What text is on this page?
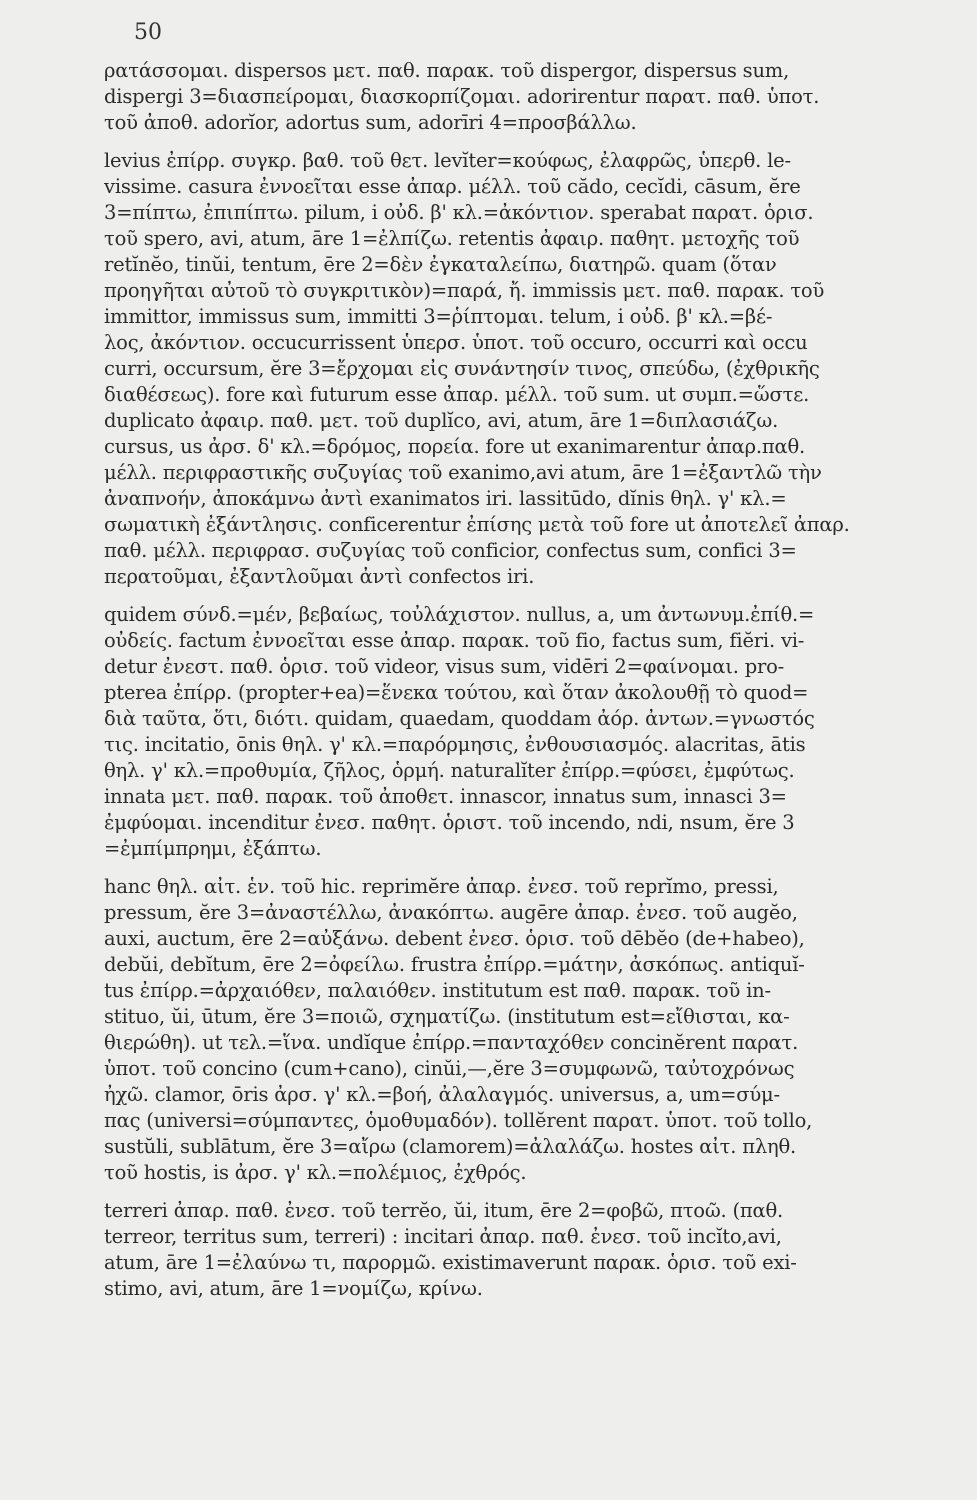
50
ρατάσσομαι. dispersos μετ. παθ. παρακ. τοῦ dispergor, dispersus sum,
dispergi 3=διασπείρομαι, διασκορπίζομαι. adorirentur παρατ. παθ. ὑποτ.
τοῦ ἀποθ. adorĭor, adortus sum, adorīri 4=προσβάλλω.
levius ἐπίρρ. συγκρ. βαθ. τοῦ θετ. levĭter=κούφως, ἐλαφρῶς, ὑπερθ. le-
vissime. casura ἐννοεῖται esse ἀπαρ. μέλλ. τοῦ cădo, cecĭdi, cāsum, ĕre
3=πίπτω, ἐπιπίπτω. pilum, i οὐδ. β' κλ.=ἀκόντιον. sperabat παρατ. ὁρισ.
τοῦ spero, avi, atum, āre 1=ἐλπίζω. retentis ἀφαιρ. παθητ. μετοχῆς τοῦ
retĭnĕo, tinŭi, tentum, ēre 2=δὲν ἐγκαταλείπω, διατηρῶ. quam (ὅταν
προηγῆται αὐτοῦ τὸ συγκριτικὸν)=παρά, ἤ. immissis μετ. παθ. παρακ. τοῦ
immittor, immissus sum, immitti 3=ῥίπτομαι. telum, i οὐδ. β' κλ.=βέ-
λος, ἀκόντιον. occucurrissent ὑπερσ. ὑποτ. τοῦ occuro, occurri καὶ occu
curri, occursum, ĕre 3=ἔρχομαι εἰς συνάντησίν τινος, σπεύδω, (ἐχθρικῆς
διαθέσεως). fore καὶ futurum esse ἀπαρ. μέλλ. τοῦ sum. ut συμπ.=ὥστε.
duplicato ἀφαιρ. παθ. μετ. τοῦ duplĭco, avi, atum, āre 1=διπλασιάζω.
cursus, us ἀρσ. δ' κλ.=δρόμος, πορεία. fore ut exanimarentur ἀπαρ.παθ.
μέλλ. περιφραστικῆς συζυγίας τοῦ exanimo,avi atum, āre 1=ἐξαντλῶ τὴν
ἀναπνοήν, ἀποκάμνω ἀντὶ exanimatos iri. lassitūdo, dĭnis θηλ. γ' κλ.=
σωματικὴ ἐξάντλησις. conficerentur ἐπίσης μετὰ τοῦ fore ut ἀποτελεῖ ἀπαρ.
παθ. μέλλ. περιφρασ. συζυγίας τοῦ conficior, confectus sum, confici 3=
περατοῦμαι, ἐξαντλοῦμαι ἀντὶ confectos iri.
quidem σύνδ.=μέν, βεβαίως, τοὐλάχιστον. nullus, a, um ἀντωνυμ.ἐπίθ.=
οὐδείς. factum ἐννοεῖται esse ἀπαρ. παρακ. τοῦ fio, factus sum, fiĕri. vi-
detur ἐνεστ. παθ. ὁρισ. τοῦ videor, visus sum, vidēri 2=φαίνομαι. pro-
pterea ἐπίρρ. (propter+ea)=ἕνεκα τούτου, καὶ ὅταν ἀκολουθῇ τὸ quod=
διὰ ταῦτα, ὅτι, διότι. quidam, quaedam, quoddam ἀόρ. ἀντων.=γνωστός
τις. incitatio, ōnis θηλ. γ' κλ.=παρόρμησις, ἐνθουσιασμός. alacritas, ātis
θηλ. γ' κλ.=προθυμία, ζῆλος, ὁρμή. naturalĭter ἐπίρρ.=φύσει, ἐμφύτως.
innata μετ. παθ. παρακ. τοῦ ἀποθετ. innascor, innatus sum, innasci 3=
ἐμφύομαι. incenditur ἐνεσ. παθητ. ὁριστ. τοῦ incendo, ndi, nsum, ĕre 3
=ἐμπίμπρημι, ἐξάπτω.
hanc θηλ. αἰτ. ἑν. τοῦ hic. reprimĕre ἀπαρ. ἐνεσ. τοῦ reprĭmo, pressi,
pressum, ĕre 3=ἀναστέλλω, ἀνακόπτω. augēre ἀπαρ. ἐνεσ. τοῦ augĕo,
auxi, auctum, ēre 2=αὐξάνω. debent ἐνεσ. ὁρισ. τοῦ dēbĕo (de+habeo),
debŭi, debĭtum, ēre 2=ὀφείλω. frustra ἐπίρρ.=μάτην, ἀσκόπως. antiquĭ-
tus ἐπίρρ.=ἀρχαιόθεν, παλαιόθεν. institutum est παθ. παρακ. τοῦ in-
stituo, ŭi, ūtum, ĕre 3=ποιῶ, σχηματίζω. (institutum est=εἴθισται, κα-
θιερώθη). ut τελ.=ἵνα. undĭque ἐπίρρ.=πανταχόθεν concinĕrent παρατ.
ὑποτ. τοῦ concino (cum+cano), cinŭi,—,ĕre 3=συμφωνῶ, ταὐτοχρόνως
ἠχῶ. clamor, ōris ἀρσ. γ' κλ.=βοή, ἀλαλαγμός. universus, a, um=σύμ-
πας (universi=σύμπαντες, ὁμοθυμαδόν). tollĕrent παρατ. ὑποτ. τοῦ tollo,
sustŭli, sublātum, ĕre 3=αἴρω (clamorem)=ἀλαλάζω. hostes αἰτ. πληθ.
τοῦ hostis, is ἀρσ. γ' κλ.=πολέμιος, ἐχθρός.
terreri ἀπαρ. παθ. ἐνεσ. τοῦ terrĕo, ŭi, itum, ēre 2=φοβῶ, πτοῶ. (παθ.
terreor, territus sum, terreri) : incitari ἀπαρ. παθ. ἐνεσ. τοῦ incĭto,avi,
atum, āre 1=ἐλαύνω τι, παρορμῶ. existimaverunt παρακ. ὁρισ. τοῦ exi-
stimo, avi, atum, āre 1=νομίζω, κρίνω.
